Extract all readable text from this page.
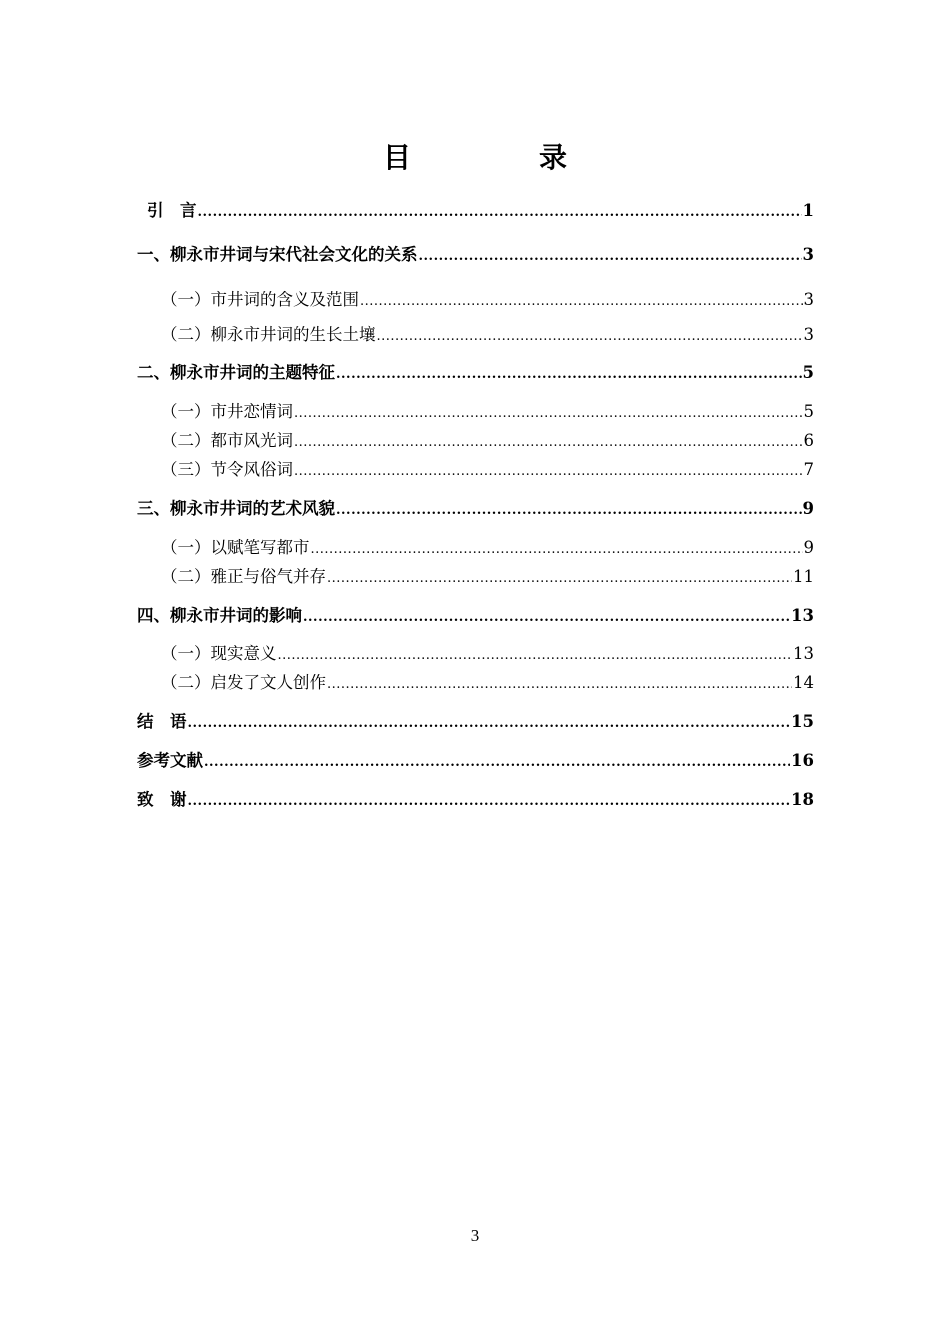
目　录
引　言 .....	1
一、柳永市井词与宋代社会文化的关系 .....	3
（一） 市井词的含义及范围 .....	3
（二） 柳永市井词的生长土壤 .....	3
二、柳永市井词的主题特征 .....	5
（一） 市井恋情词 .....	5
（二） 都市风光词 .....	6
（三） 节令风俗词 .....	7
三、柳永市井词的艺术风貌 .....	9
（一） 以赋笔写都市 .....	9
（二） 雅正与俗气并存 .....	11
四、柳永市井词的影响 .....	13
（一） 现实意义 .....	13
（二） 启发了文人创作 .....	14
结　语 .....	15
参考文献 .....	16
致　谢 .....	18
3
